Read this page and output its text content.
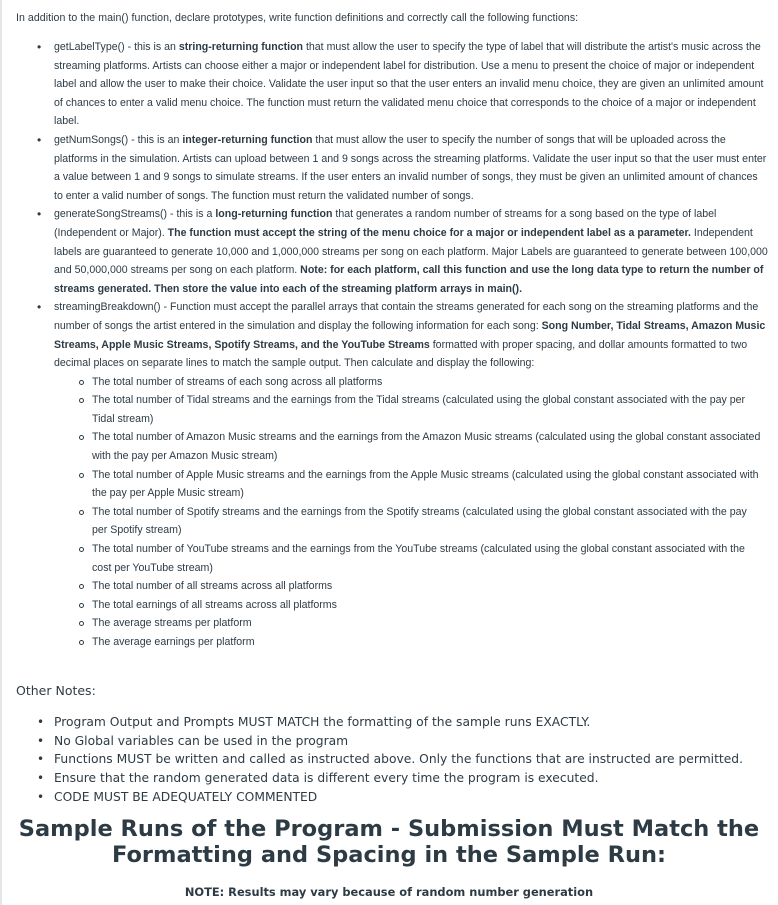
In addition to the main() function, declare prototypes, write function definitions and correctly call the following functions:
• getLabelType() - this is an string-returning function that must allow the user to specify the type of label that will distribute the artist's music across the streaming platforms. Artists can choose either a major or independent label for distribution. Use a menu to present the choice of major or independent label and allow the user to make their choice. Validate the user input so that the user enters an invalid menu choice, they are given an unlimited amount of chances to enter a valid menu choice. The function must return the validated menu choice that corresponds to the choice of a major or independent label.
• getNumSongs() - this is an integer-returning function that must allow the user to specify the number of songs that will be uploaded across the platforms in the simulation. Artists can upload between 1 and 9 songs across the streaming platforms. Validate the user input so that the user must enter a value between 1 and 9 songs to simulate streams. If the user enters an invalid number of songs, they must be given an unlimited amount of chances to enter a valid number of songs. The function must return the validated number of songs.
• generateSongStreams() - this is a long-returning function that generates a random number of streams for a song based on the type of label (Independent or Major). The function must accept the string of the menu choice for a major or independent label as a parameter. Independent labels are guaranteed to generate 10,000 and 1,000,000 streams per song on each platform. Major Labels are guaranteed to generate between 100,000 and 50,000,000 streams per song on each platform. Note: for each platform, call this function and use the long data type to return the number of streams generated. Then store the value into each of the streaming platform arrays in main().
• streamingBreakdown() - Function must accept the parallel arrays that contain the streams generated for each song on the streaming platforms and the number of songs the artist entered in the simulation and display the following information for each song: Song Number, Tidal Streams, Amazon Music Streams, Apple Music Streams, Spotify Streams, and the YouTube Streams formatted with proper spacing, and dollar amounts formatted to two decimal places on separate lines to match the sample output. Then calculate and display the following:
The total number of streams of each song across all platforms
The total number of Tidal streams and the earnings from the Tidal streams (calculated using the global constant associated with the pay per Tidal stream)
The total number of Amazon Music streams and the earnings from the Amazon Music streams (calculated using the global constant associated with the pay per Amazon Music stream)
The total number of Apple Music streams and the earnings from the Apple Music streams (calculated using the global constant associated with the pay per Apple Music stream)
The total number of Spotify streams and the earnings from the Spotify streams (calculated using the global constant associated with the pay per Spotify stream)
The total number of YouTube streams and the earnings from the YouTube streams (calculated using the global constant associated with the cost per YouTube stream)
The total number of all streams across all platforms
The total earnings of all streams across all platforms
The average streams per platform
The average earnings per platform
Other Notes:
• Program Output and Prompts MUST MATCH the formatting of the sample runs EXACTLY.
• No Global variables can be used in the program
• Functions MUST be written and called as instructed above. Only the functions that are instructed are permitted.
• Ensure that the random generated data is different every time the program is executed.
• CODE MUST BE ADEQUATELY COMMENTED
Sample Runs of the Program - Submission Must Match the Formatting and Spacing in the Sample Run:
NOTE: Results may vary because of random number generation
